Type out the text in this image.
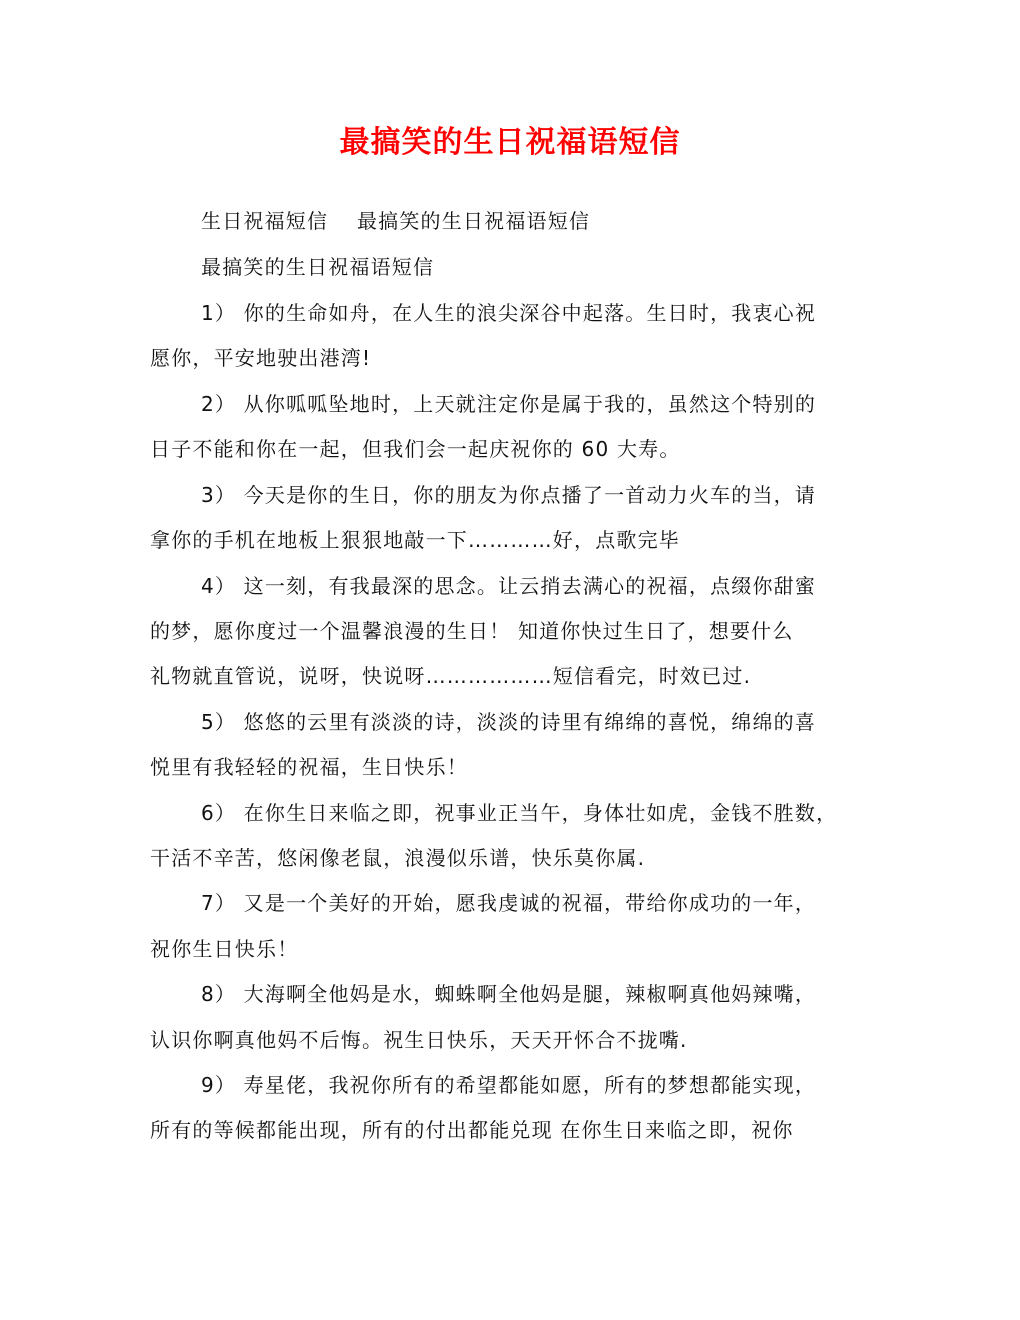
最搞笑的生日祝福语短信
生日祝福短信　 最搞笑的生日祝福语短信
最搞笑的生日祝福语短信
1） 你的生命如舟，在人生的浪尖深谷中起落。生日时，我衷心祝
愿你，平安地驶出港湾!
2） 从你呱呱坠地时，上天就注定你是属于我的，虽然这个特别的
日子不能和你在一起，但我们会一起庆祝你的 60 大寿。
3） 今天是你的生日，你的朋友为你点播了一首动力火车的当，请
拿你的手机在地板上狠狠地敲一下…………好，点歌完毕
4） 这一刻，有我最深的思念。让云捎去满心的祝福，点缀你甜蜜
的梦，愿你度过一个温馨浪漫的生日！ 知道你快过生日了，想要什么
礼物就直管说，说呀，快说呀………………短信看完，时效已过.
5） 悠悠的云里有淡淡的诗，淡淡的诗里有绵绵的喜悦，绵绵的喜
悦里有我轻轻的祝福，生日快乐！
6） 在你生日来临之即，祝事业正当午，身体壮如虎，金钱不胜数，
干活不辛苦，悠闲像老鼠，浪漫似乐谱，快乐莫你属.
7） 又是一个美好的开始，愿我虔诚的祝福，带给你成功的一年，
祝你生日快乐！
8） 大海啊全他妈是水，蜘蛛啊全他妈是腿，辣椒啊真他妈辣嘴，
认识你啊真他妈不后悔。祝生日快乐，天天开怀合不拢嘴.
9） 寿星佬，我祝你所有的希望都能如愿，所有的梦想都能实现，
所有的等候都能出现，所有的付出都能兑现 在你生日来临之即，祝你
